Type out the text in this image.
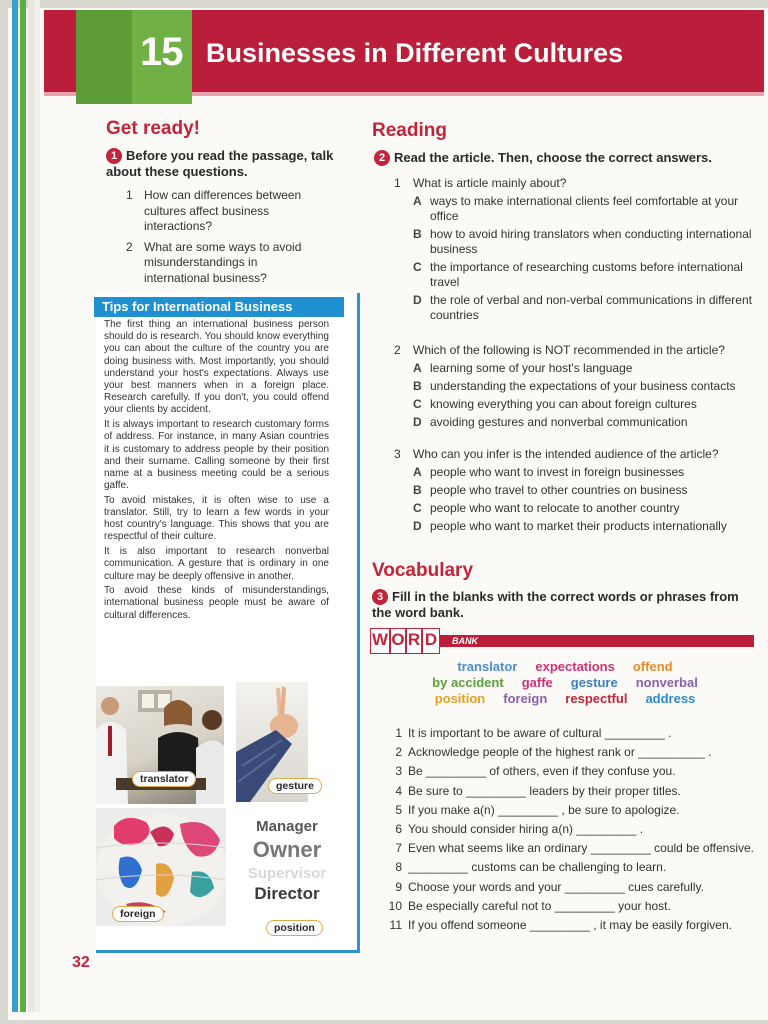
15 Businesses in Different Cultures
Get ready!
1 Before you read the passage, talk about these questions.
1 How can differences between cultures affect business interactions?
2 What are some ways to avoid misunderstandings in international business?
Tips for International Business

The first thing an international business person should do is research. You should know everything you can about the culture of the country you are doing business with. Most importantly, you should understand your host's expectations. Always use your best manners when in a foreign place. Research carefully. If you don't, you could offend your clients by accident.

It is always important to research customary forms of address. For instance, in many Asian countries it is customary to address people by their position and their surname. Calling someone by their first name at a business meeting could be a serious gaffe.

To avoid mistakes, it is often wise to use a translator. Still, try to learn a few words in your host country's language. This shows that you are respectful of their culture.

It is also important to research nonverbal communication. A gesture that is ordinary in one culture may be deeply offensive in another.

To avoid these kinds of misunderstandings, international business people must be aware of cultural differences.

translator
gesture
foreign
Manager
Owner
Supervisor
Director
position
Reading
2 Read the article. Then, choose the correct answers.
1	What is article mainly about?
A ways to make international clients feel comfortable at your office
B how to avoid hiring translators when conducting international business
C the importance of researching customs before international travel
D the role of verbal and non-verbal communications in different countries
2	Which of the following is NOT recommended in the article?
A learning some of your host's language
B understanding the expectations of your business contacts
C knowing everything you can about foreign cultures
D avoiding gestures and nonverbal communication
3	Who can you infer is the intended audience of the article?
A people who want to invest in foreign businesses
B people who travel to other countries on business
C people who want to relocate to another country
D people who want to market their products internationally
Vocabulary
3 Fill in the blanks with the correct words or phrases from the word bank.
W O R D	BANK
translator expectations offend
by accident gaffe gesture nonverbal
position foreign respectful address
1 It is important to be aware of cultural _________ .
2 Acknowledge people of the highest rank or __________ .
3 Be _________ of others, even if they confuse you.
4 Be sure to _________ leaders by their proper titles.
5 If you make a(n) _________ , be sure to apologize.
6 You should consider hiring a(n) _________ .
7 Even what seems like an ordinary _________ could be offensive.
8 _________ customs can be challenging to learn.
9 Choose your words and your _________ cues carefully.
10 Be especially careful not to _________ your host.
11 If you offend someone _________ , it may be easily forgiven.
32
